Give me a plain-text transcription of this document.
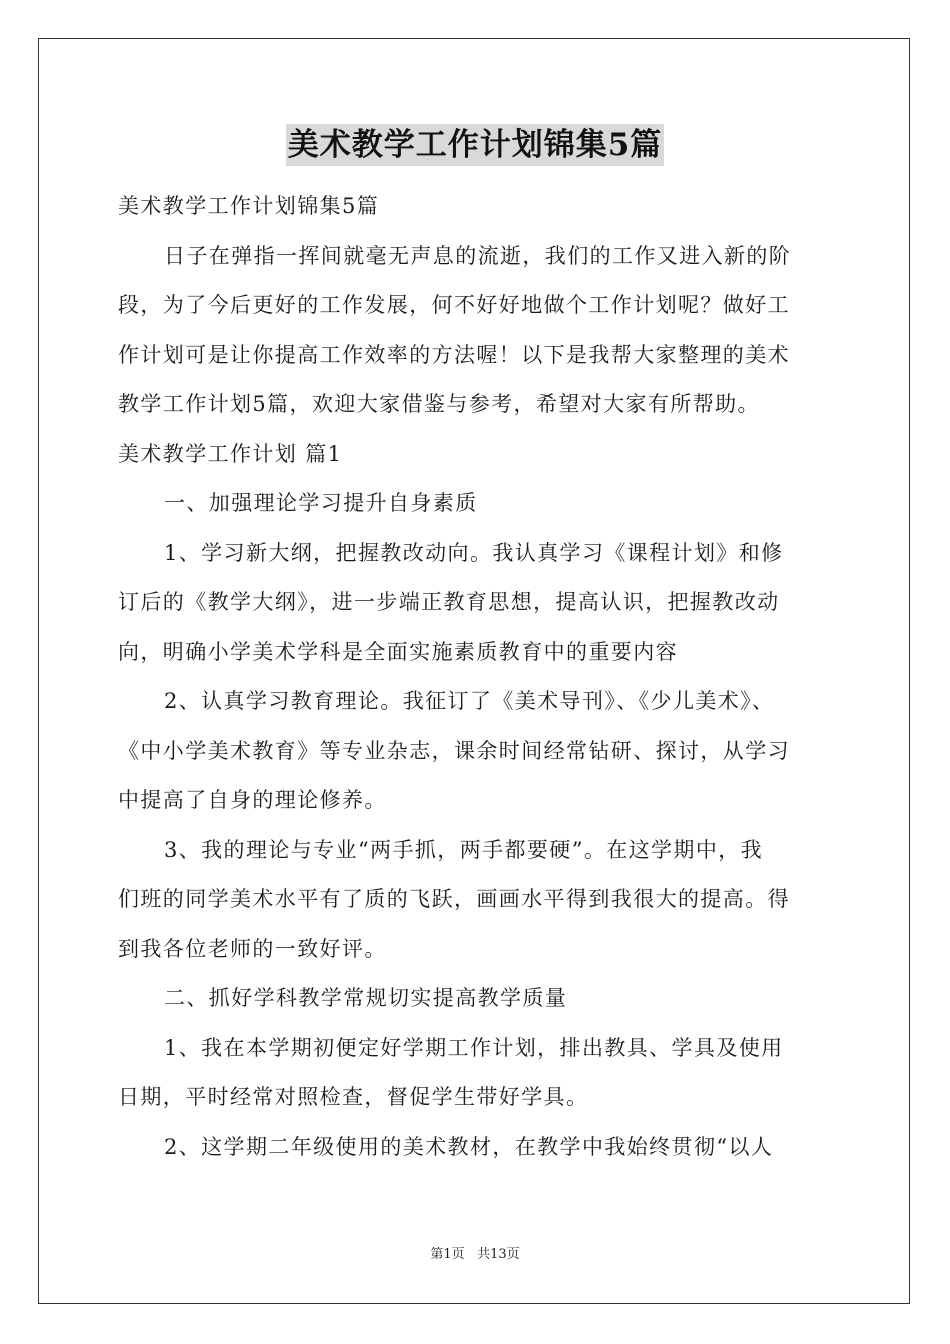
美术教学工作计划锦集5篇

美术教学工作计划锦集5篇

日子在弹指一挥间就毫无声息的流逝，我们的工作又进入新的阶

段，为了今后更好的工作发展，何不好好地做个工作计划呢？做好工

作计划可是让你提高工作效率的方法喔！以下是我帮大家整理的美术

教学工作计划5篇，欢迎大家借鉴与参考，希望对大家有所帮助。

美术教学工作计划 篇1

一、加强理论学习提升自身素质

1、学习新大纲，把握教改动向。我认真学习《课程计划》和修

订后的《教学大纲》，进一步端正教育思想，提高认识，把握教改动

向，明确小学美术学科是全面实施素质教育中的重要内容

2、认真学习教育理论。我征订了《美术导刊》、《少儿美术》、

《中小学美术教育》等专业杂志，课余时间经常钻研、探讨，从学习

中提高了自身的理论修养。

3、我的理论与专业“两手抓，两手都要硬”。在这学期中，我

们班的同学美术水平有了质的飞跃，画画水平得到我很大的提高。得

到我各位老师的一致好评。

二、抓好学科教学常规切实提高教学质量

1、我在本学期初便定好学期工作计划，排出教具、学具及使用

日期，平时经常对照检查，督促学生带好学具。

2、这学期二年级使用的美术教材，在教学中我始终贯彻“以人

第1页 共13页
